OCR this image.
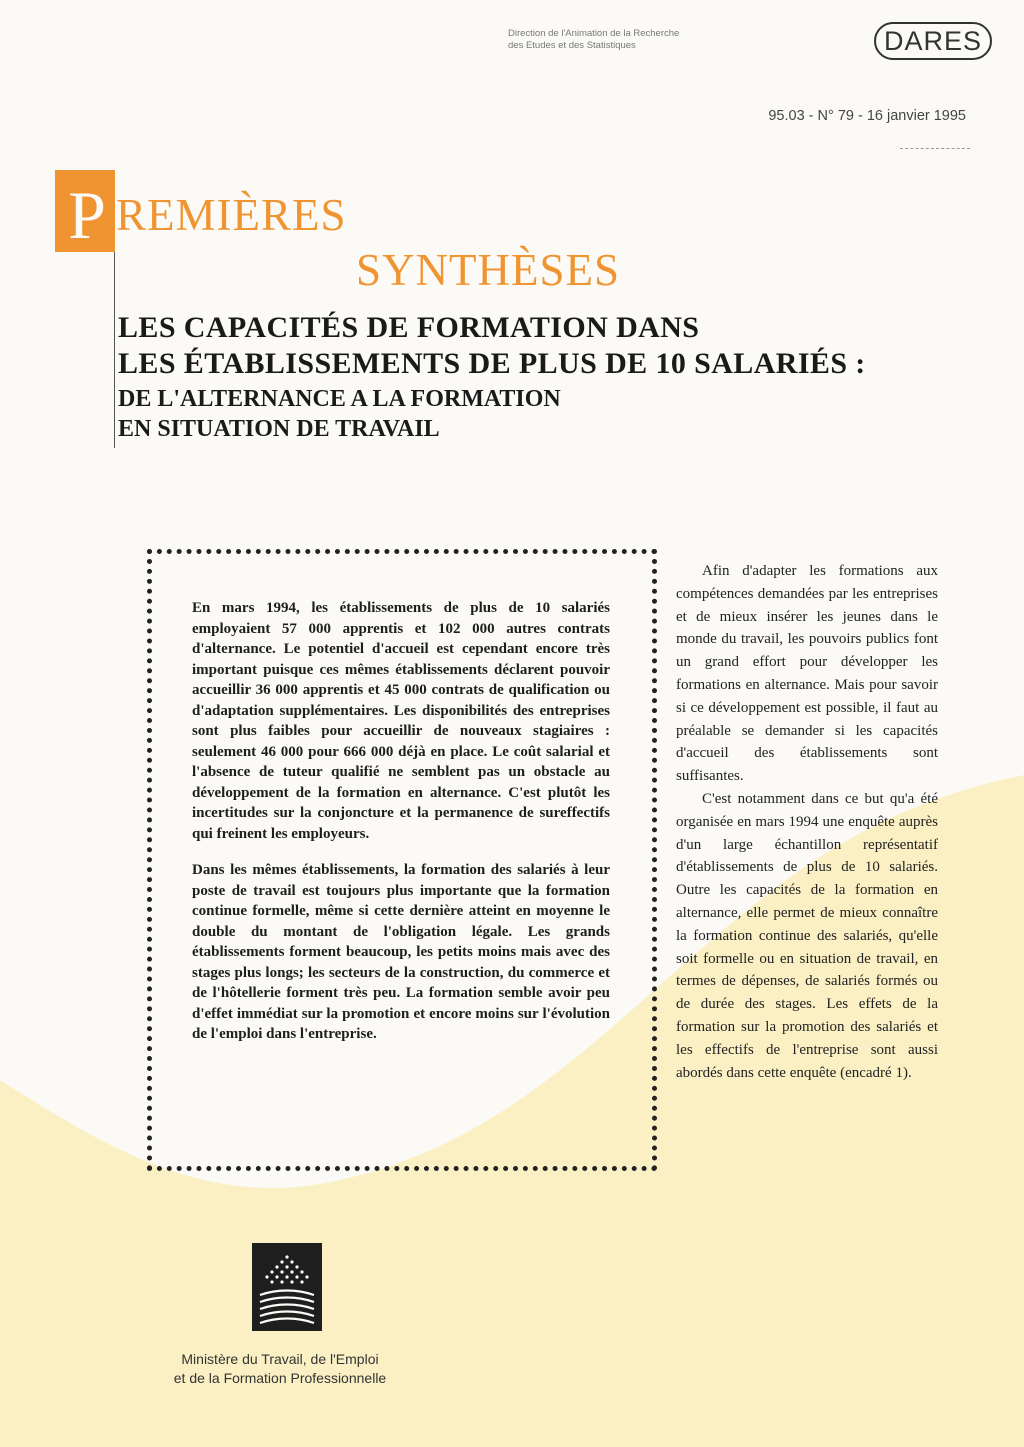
Direction de l'Animation de la Recherche
des Etudes et des Statistiques	DARES
95.03 - N° 79 - 16 janvier 1995
P REMIÈRES
SYNTHÈSES
LES CAPACITÉS DE FORMATION DANS
LES ÉTABLISSEMENTS DE PLUS DE 10 SALARIÉS :
DE L'ALTERNANCE A LA FORMATION
EN SITUATION DE TRAVAIL

En mars 1994, les établissements de plus de 10 salariés employaient 57 000 apprentis et 102 000 autres contrats d'alternance. Le potentiel d'accueil est cependant encore très important puisque ces mêmes établissements déclarent pouvoir accueillir 36 000 apprentis et 45 000 contrats de qualification ou d'adaptation supplémentaires. Les disponibilités des entreprises sont plus faibles pour accueillir de nouveaux stagiaires : seulement 46 000 pour 666 000 déjà en place. Le coût salarial et l'absence de tuteur qualifié ne semblent pas un obstacle au développement de la formation en alternance. C'est plutôt les incertitudes sur la conjoncture et la permanence de sureffectifs qui freinent les employeurs.

Dans les mêmes établissements, la formation des salariés à leur poste de travail est toujours plus importante que la formation continue formelle, même si cette dernière atteint en moyenne le double du montant de l'obligation légale. Les grands établissements forment beaucoup, les petits moins mais avec des stages plus longs; les secteurs de la construction, du commerce et de l'hôtellerie forment très peu. La formation semble avoir peu d'effet immédiat sur la promotion et encore moins sur l'évolution de l'emploi dans l'entreprise.

Afin d'adapter les formations aux compétences demandées par les entreprises et de mieux insérer les jeunes dans le monde du travail, les pouvoirs publics font un grand effort pour développer les formations en alternance. Mais pour savoir si ce développement est possible, il faut au préalable se demander si les capacités d'accueil des établissements sont suffisantes.

C'est notamment dans ce but qu'a été organisée en mars 1994 une enquête auprès d'un large échantillon représentatif d'établissements de plus de 10 salariés. Outre les capacités de la formation en alternance, elle permet de mieux connaître la formation continue des salariés, qu'elle soit formelle ou en situation de travail, en termes de dépenses, de salariés formés ou de durée des stages. Les effets de la formation sur la promotion des salariés et les effectifs de l'entreprise sont aussi abordés dans cette enquête (encadré 1).

Ministère du Travail, de l'Emploi
et de la Formation Professionnelle
